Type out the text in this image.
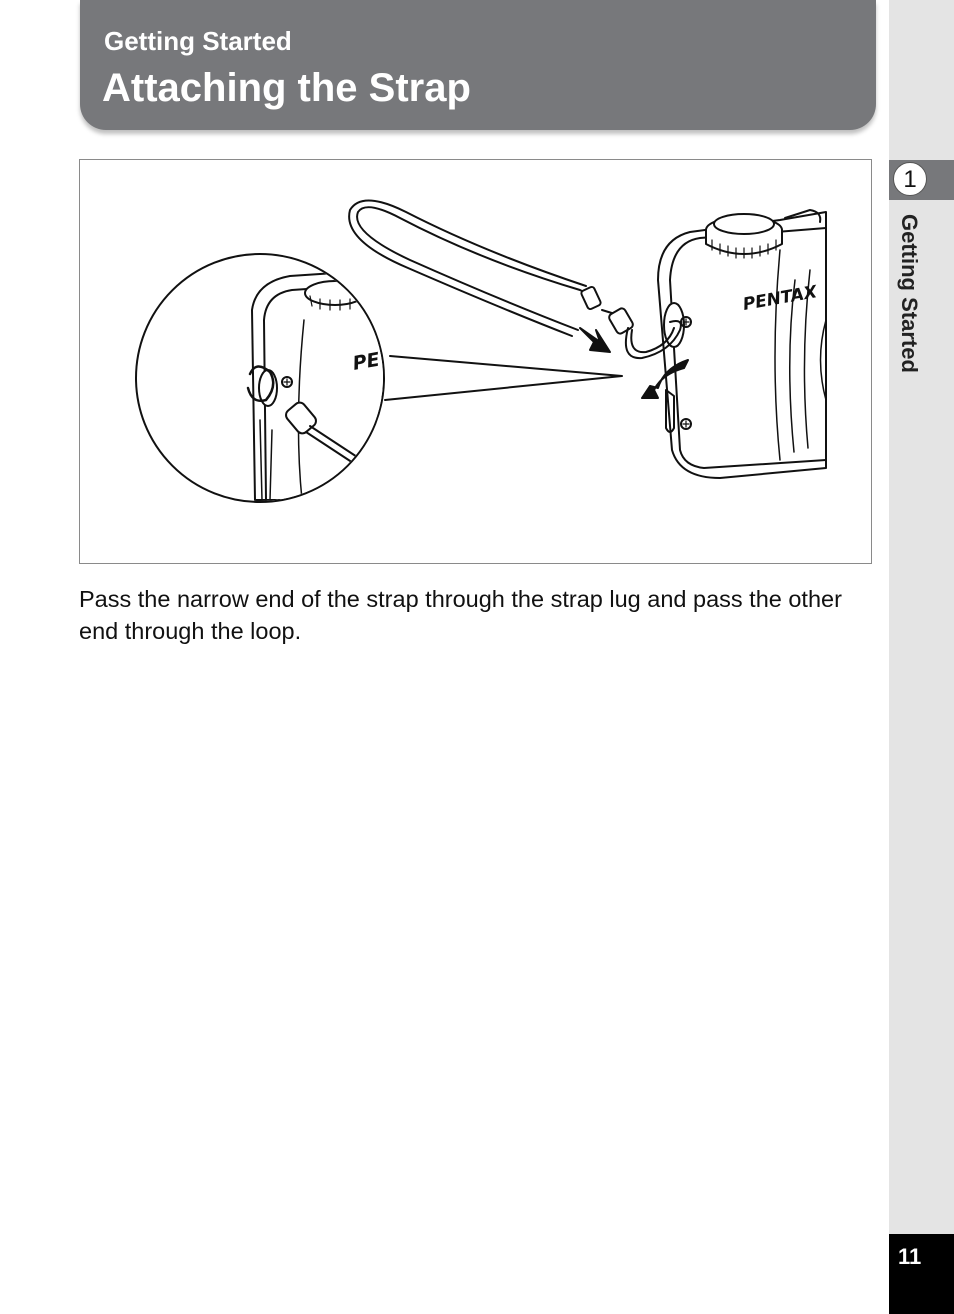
Getting Started
Attaching the Strap
PENTAX
PE
Pass the narrow end of the strap through the strap lug and pass the other end through the loop.
1
Getting Started
11
